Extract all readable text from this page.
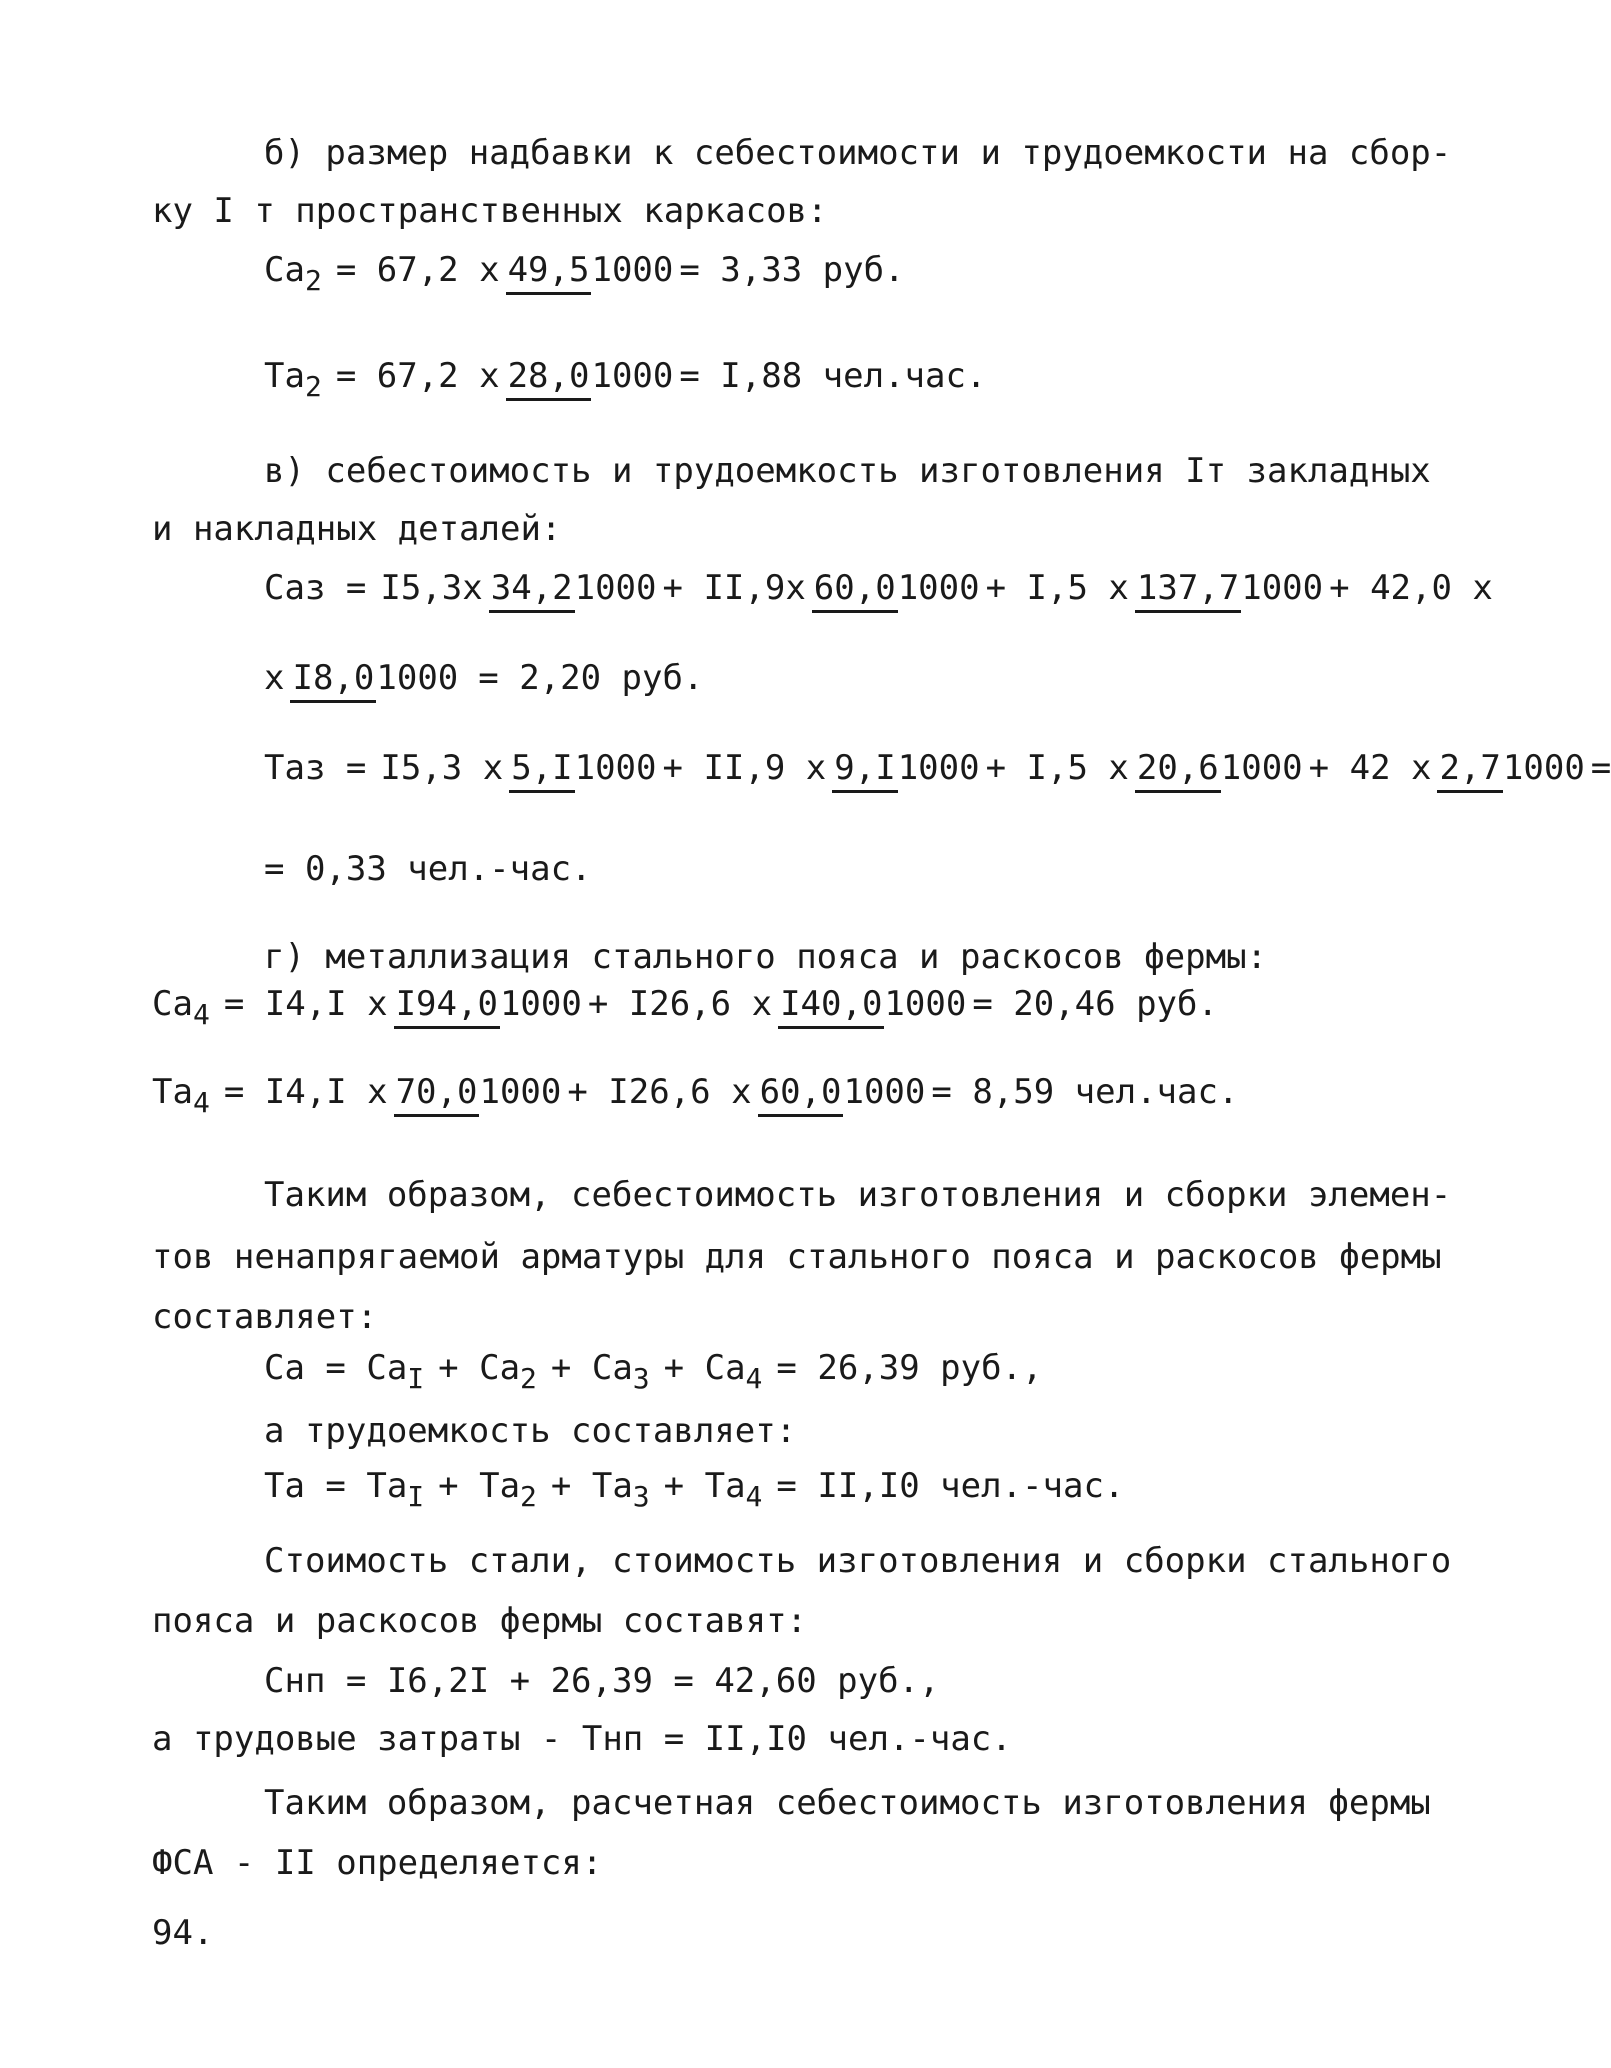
б) размер надбавки к себестоимости и трудоемкости на сбор-
ку I т пространственных каркасов:
Ca 2 = 67,2 x 49,51000 = 3,33 руб.
Ta 2 = 67,2 x 28,01000 = I,88 чел.час.
в) себестоимость и трудоемкость изготовления Iт закладных
и накладных деталей:
Caз = I5,3x 34,21000 + II,9x 60,01000 + I,5 x 137,71000 + 42,0 x
x I8,01000 = 2,20 руб.
Taз = I5,3 x 5,I1000 + II,9 x 9,I1000 + I,5 x 20,61000 + 42 x 2,71000 =
= 0,33 чел.-час.
г) металлизация стального пояса и раскосов фермы:
Ca 4 = I4,I x I94,01000 + I26,6 x I40,01000 = 20,46 руб.
Ta 4 = I4,I x 70,01000 + I26,6 x 60,01000 = 8,59 чел.час.
Таким образом, себестоимость изготовления и сборки элемен-
тов ненапрягаемой арматуры для стального пояса и раскосов фермы
составляет:
Ca = Ca I + Ca 2 + Ca 3 + Ca 4 = 26,39 руб.,
а трудоемкость составляет:
Ta = Ta I + Ta 2 + Ta 3 + Ta 4 = II,I0 чел.-час.
Стоимость стали, стоимость изготовления и сборки стального
пояса и раскосов фермы составят:
Снп = I6,2I + 26,39 = 42,60 руб.,
а трудовые затраты - Тнп = II,I0 чел.-час.
Таким образом, расчетная себестоимость изготовления фермы
ФСА - II определяется:
94.
